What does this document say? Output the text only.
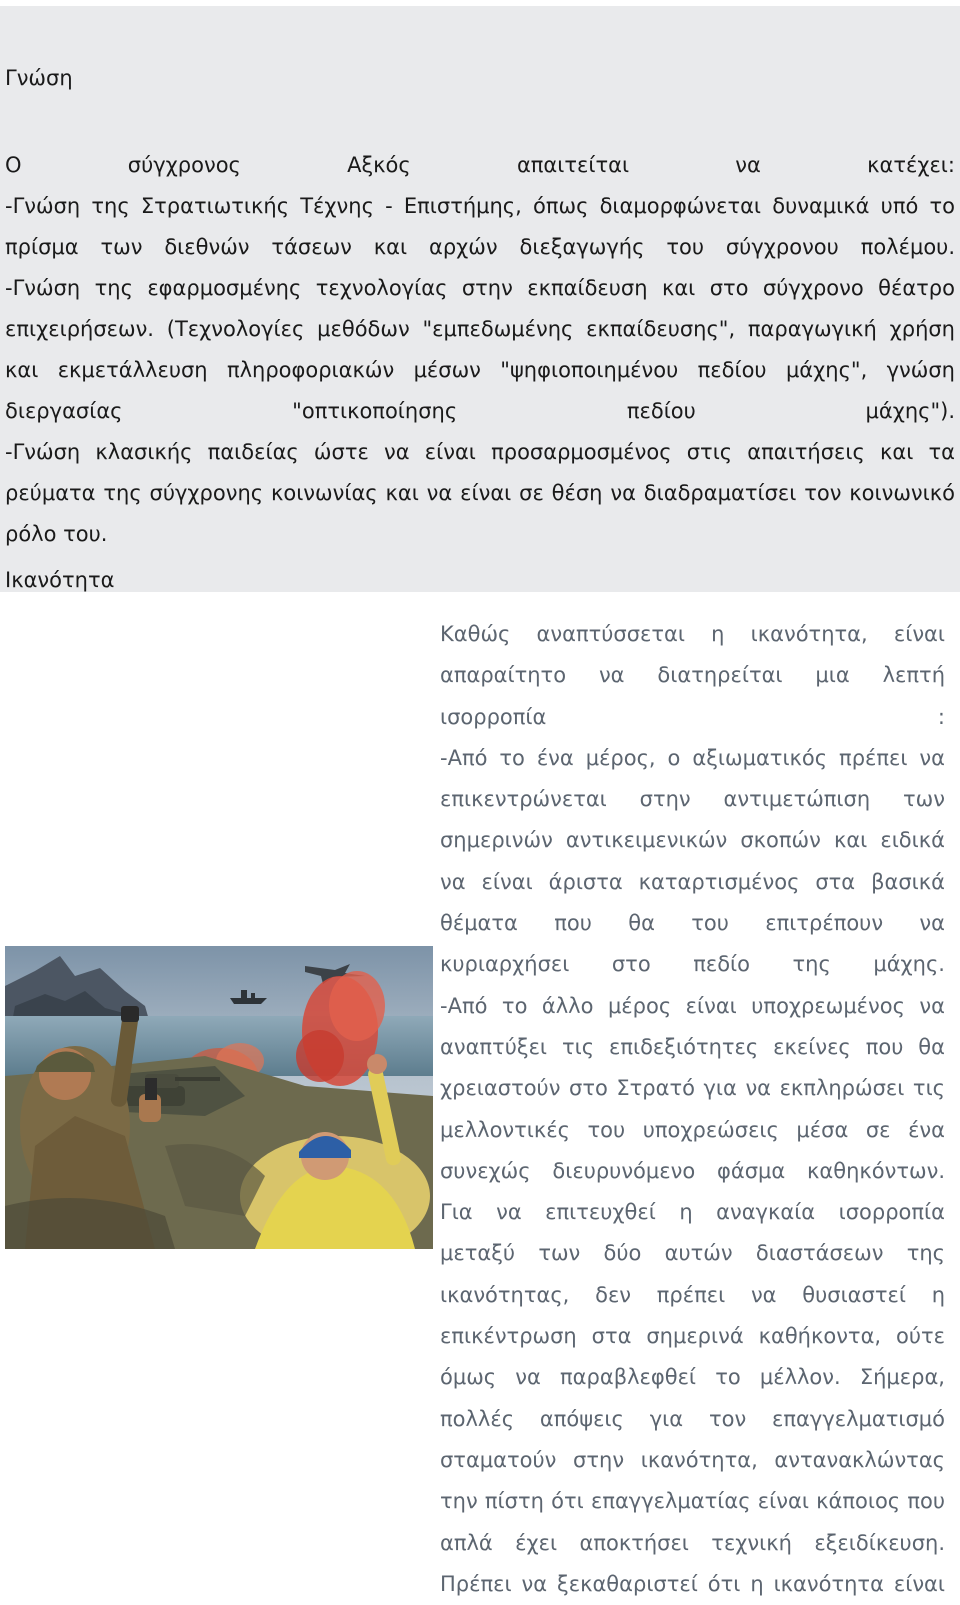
Γνώση

Ο σύγχρονος Αξκός απαιτείται να κατέχει:

-Γνώση της Στρατιωτικής Τέχνης - Επιστήμης, όπως διαμορφώνεται δυναμικά υπό το

πρίσμα των διεθνών τάσεων και αρχών διεξαγωγής του σύγχρονου πολέμου.

-Γνώση της εφαρμοσμένης τεχνολογίας στην εκπαίδευση και στο σύγχρονο θέατρο

επιχειρήσεων. (Τεχνολογίες μεθόδων "εμπεδωμένης εκπαίδευσης", παραγωγική χρήση

και εκμετάλλευση πληροφοριακών μέσων "ψηφιοποιημένου πεδίου μάχης", γνώση

διεργασίας "οπτικοποίησης πεδίου μάχης").

-Γνώση κλασικής παιδείας ώστε να είναι προσαρμοσμένος στις απαιτήσεις και τα

ρεύματα της σύγχρονης κοινωνίας και να είναι σε θέση να διαδραματίσει τον κοινωνικό

ρόλο του.

Ικανότητα

Καθώς αναπτύσσεται η ικανότητα, είναι

απαραίτητο να διατηρείται μια λεπτή

ισορροπία :

-Από το ένα μέρος, ο αξιωματικός πρέπει να

επικεντρώνεται στην αντιμετώπιση των

σημερινών αντικειμενικών σκοπών και ειδικά

να είναι άριστα καταρτισμένος στα βασικά

θέματα που θα του επιτρέπουν να

κυριαρχήσει στο πεδίο της μάχης.

-Από το άλλο μέρος είναι υποχρεωμένος να

αναπτύξει τις επιδεξιότητες εκείνες που θα

χρειαστούν στο Στρατό για να εκπληρώσει τις

μελλοντικές του υποχρεώσεις μέσα σε ένα

συνεχώς διευρυνόμενο φάσμα καθηκόντων.

Για να επιτευχθεί η αναγκαία ισορροπία

μεταξύ των δύο αυτών διαστάσεων της

ικανότητας, δεν πρέπει να θυσιαστεί η

επικέντρωση στα σημερινά καθήκοντα, ούτε

όμως να παραβλεφθεί το μέλλον. Σήμερα,

πολλές απόψεις για τον επαγγελματισμό

σταματούν στην ικανότητα, αντανακλώντας

την πίστη ότι επαγγελματίας είναι κάποιος που

απλά έχει αποκτήσει τεχνική εξειδίκευση.

Πρέπει να ξεκαθαριστεί ότι η ικανότητα είναι
